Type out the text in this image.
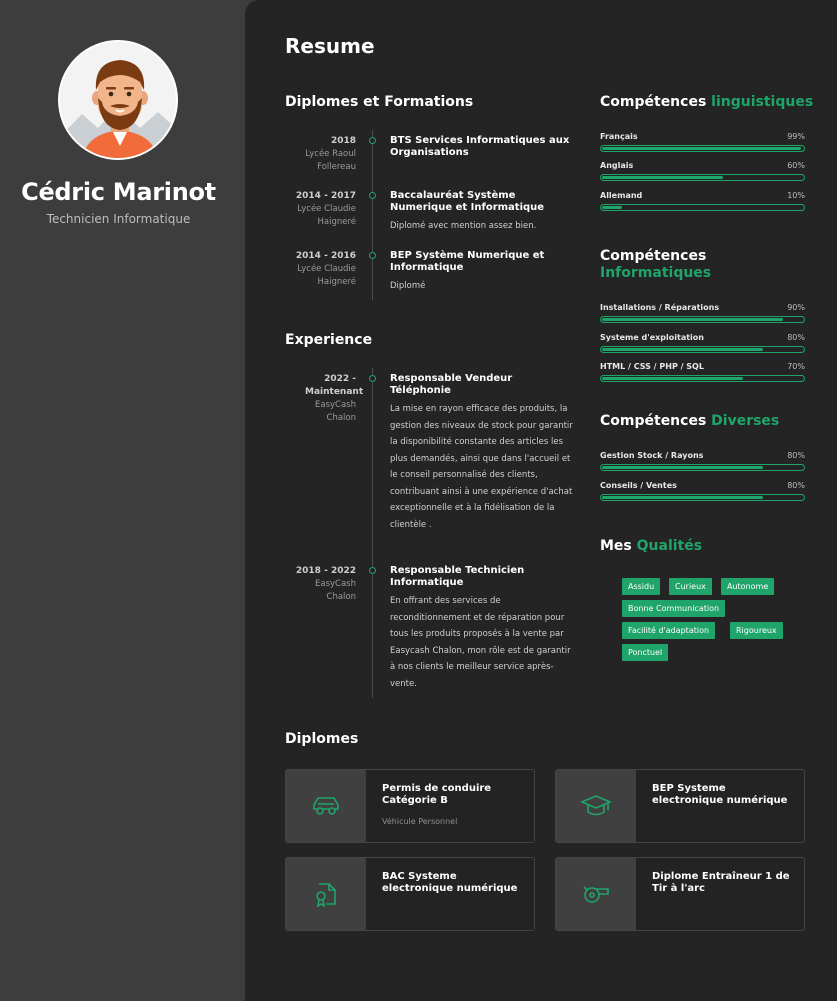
Cédric Marinot
Technicien Informatique
Resume
Diplomes et Formations
2018
Lycée Raoul Follereau
BTS Services Informatiques aux Organisations
2014 - 2017
Lycée Claudie Haigneré
Baccalauréat Système Numerique et Informatique
Diplomé avec mention assez bien.
2014 - 2016
Lycée Claudie Haigneré
BEP Système Numerique et Informatique
Diplomé
Experience
2022 - Maintenant
EasyCash Chalon
Responsable Vendeur Téléphonie
La mise en rayon efficace des produits, la gestion des niveaux de stock pour garantir la disponibilité constante des articles les plus demandés, ainsi que dans l'accueil et le conseil personnalisé des clients, contribuant ainsi à une expérience d'achat exceptionnelle et à la fidélisation de la clientèle .
2018 - 2022
EasyCash Chalon
Responsable Technicien Informatique
En offrant des services de reconditionnement et de réparation pour tous les produits proposés à la vente par Easycash Chalon, mon rôle est de garantir à nos clients le meilleur service après-vente.
Compétences linguistiques
Français	99%
Anglais	60%
Allemand	10%
Compétences
Informatiques
Installations / Réparations	90%
Systeme d'exploitation	80%
HTML / CSS / PHP / SQL	70%
Compétences Diverses
Gestion Stock / Rayons	80%
Conseils / Ventes	80%
Mes Qualités
Assidu	Curieux	Autonome
Bonne Communication
Facilité d'adaptation	Rigoureux
Ponctuel
Diplomes
Permis de conduire Catégorie B
Véhicule Personnel
BEP Systeme electronique numérique
BAC Systeme electronique numérique
Diplome Entraîneur 1 de Tir à l'arc
